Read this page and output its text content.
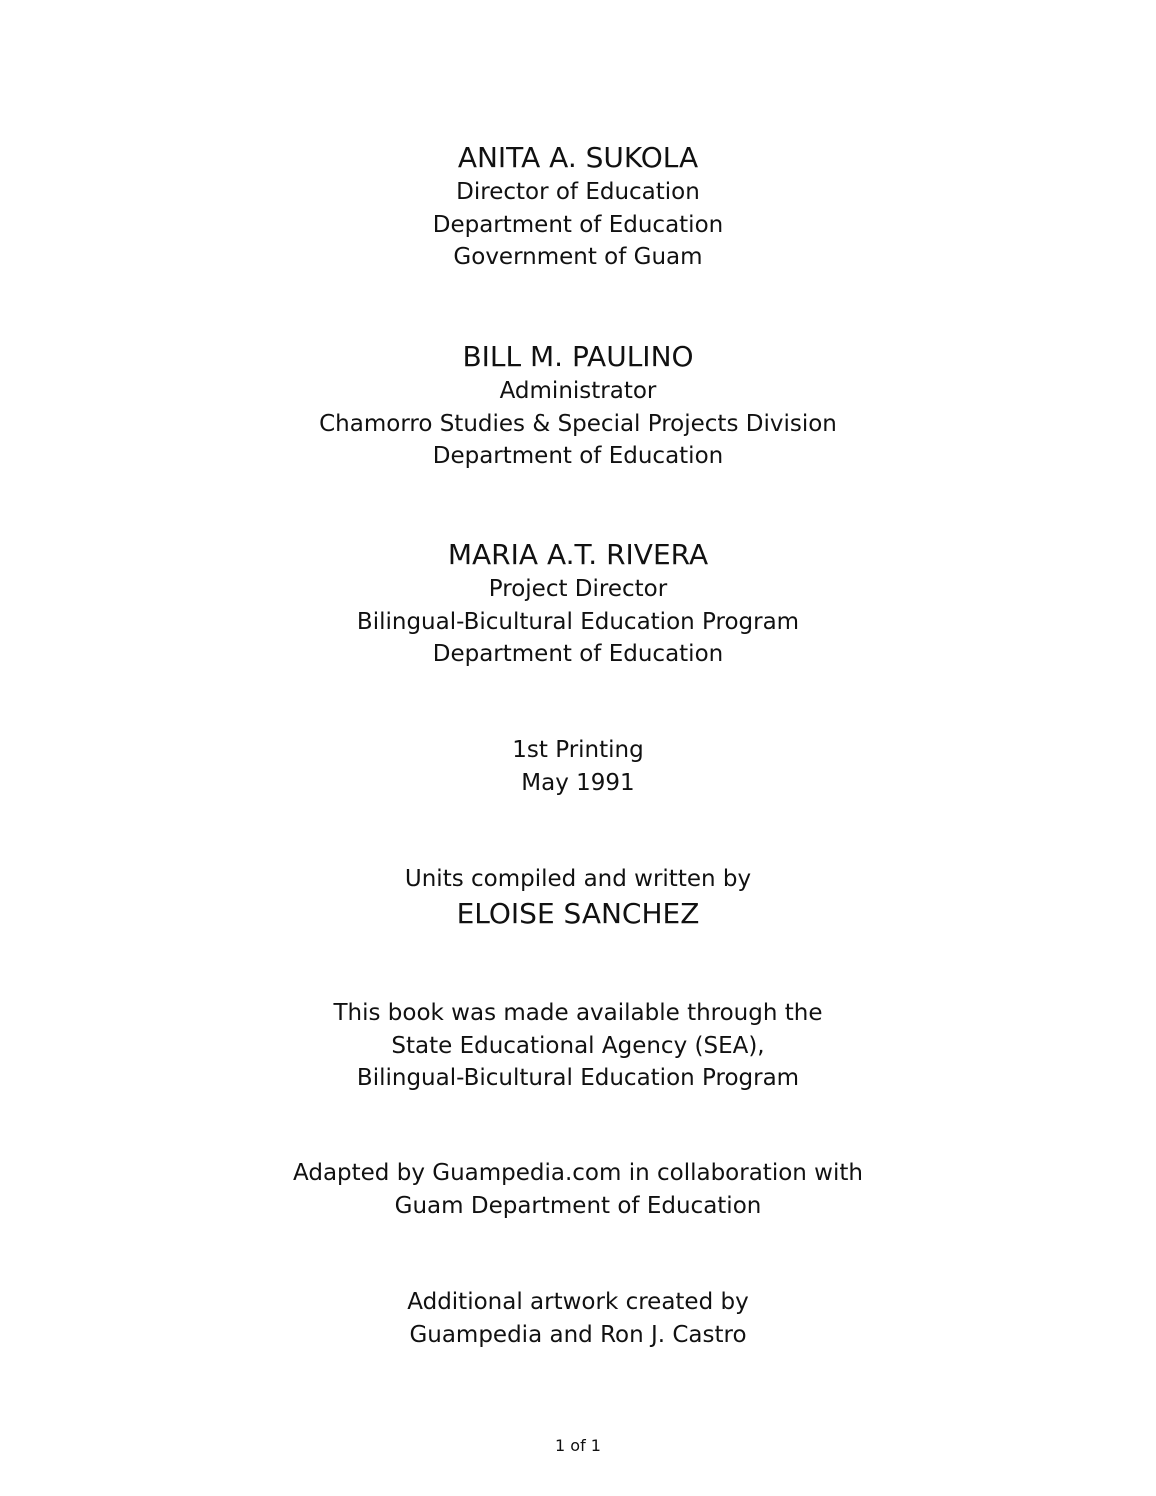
ANITA A. SUKOLA
Director of Education
Department of Education
Government of Guam
BILL M. PAULINO
Administrator
Chamorro Studies & Special Projects Division
Department of Education
MARIA A.T. RIVERA
Project Director
Bilingual-Bicultural Education Program
Department of Education
1st Printing
May 1991
Units compiled and written by
ELOISE SANCHEZ
This book was made available through the
State Educational Agency (SEA),
Bilingual-Bicultural Education Program
Adapted by Guampedia.com in collaboration with
Guam Department of Education
Additional artwork created by
Guampedia and Ron J. Castro
1 of 1
